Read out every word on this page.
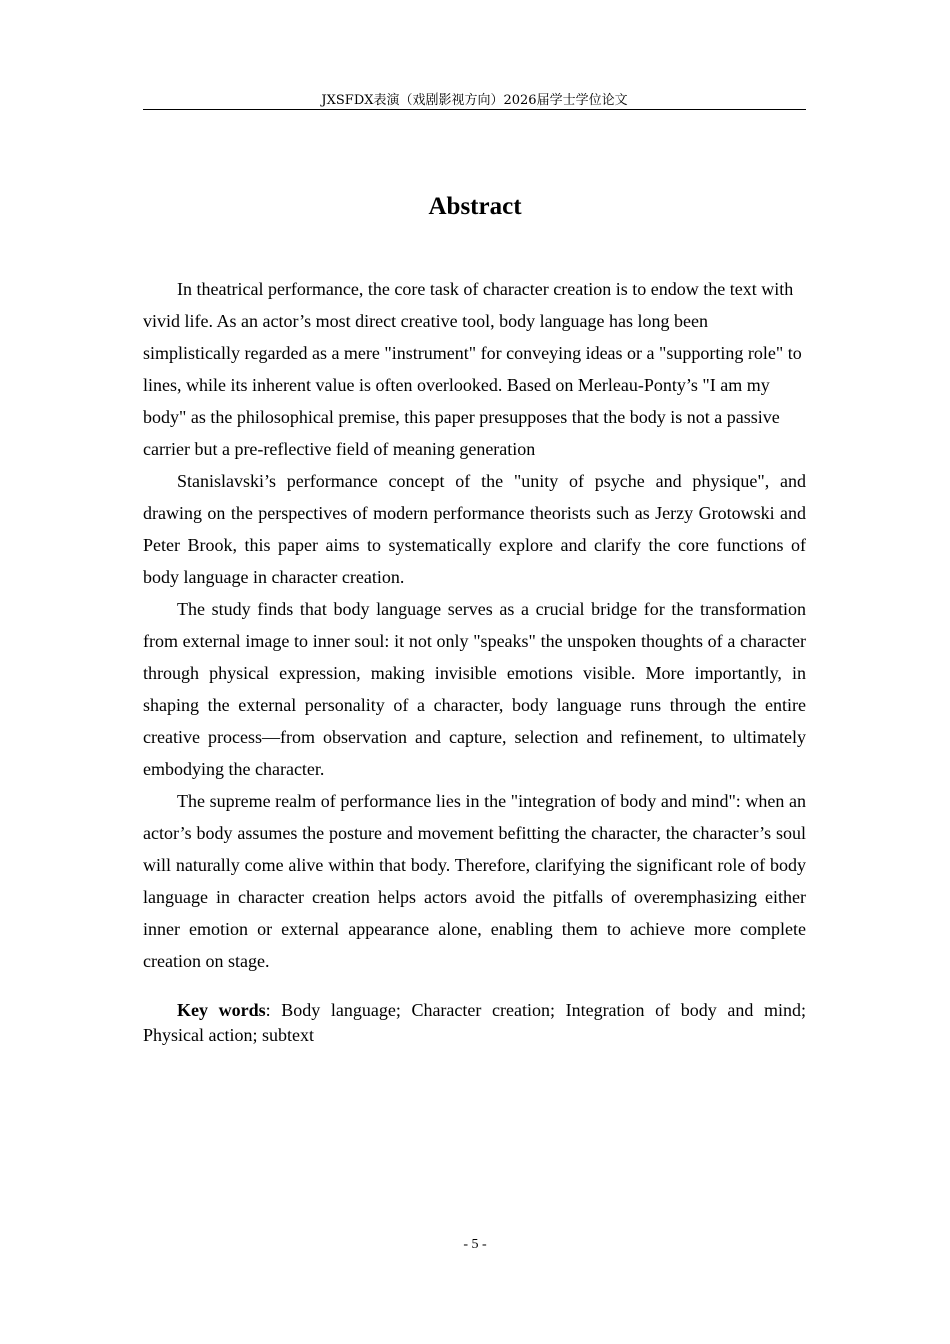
JXSFDX表演（戏剧影视方向）2026届学士学位论文
Abstract

In theatrical performance, the core task of character creation is to endow the text with vivid life. As an actor’s most direct creative tool, body language has long been simplistically regarded as a mere "instrument" for conveying ideas or a "supporting role" to lines, while its inherent value is often overlooked. Based on Merleau-Ponty’s "I am my body" as the philosophical premise, this paper presupposes that the body is not a passive carrier but a pre-reflective field of meaning generation

Stanislavski’s performance concept of the "unity of psyche and physique", and drawing on the perspectives of modern performance theorists such as Jerzy Grotowski and Peter Brook, this paper aims to systematically explore and clarify the core functions of body language in character creation.

The study finds that body language serves as a crucial bridge for the transformation from external image to inner soul: it not only "speaks" the unspoken thoughts of a character through physical expression, making invisible emotions visible. More importantly, in shaping the external personality of a character, body language runs through the entire creative process—from observation and capture, selection and refinement, to ultimately embodying the character.

The supreme realm of performance lies in the "integration of body and mind": when an actor’s body assumes the posture and movement befitting the character, the character’s soul will naturally come alive within that body. Therefore, clarifying the significant role of body language in character creation helps actors avoid the pitfalls of overemphasizing either inner emotion or external appearance alone, enabling them to achieve more complete creation on stage.

Key words: Body language; Character creation; Integration of body and mind; Physical action; subtext

- 5 -
